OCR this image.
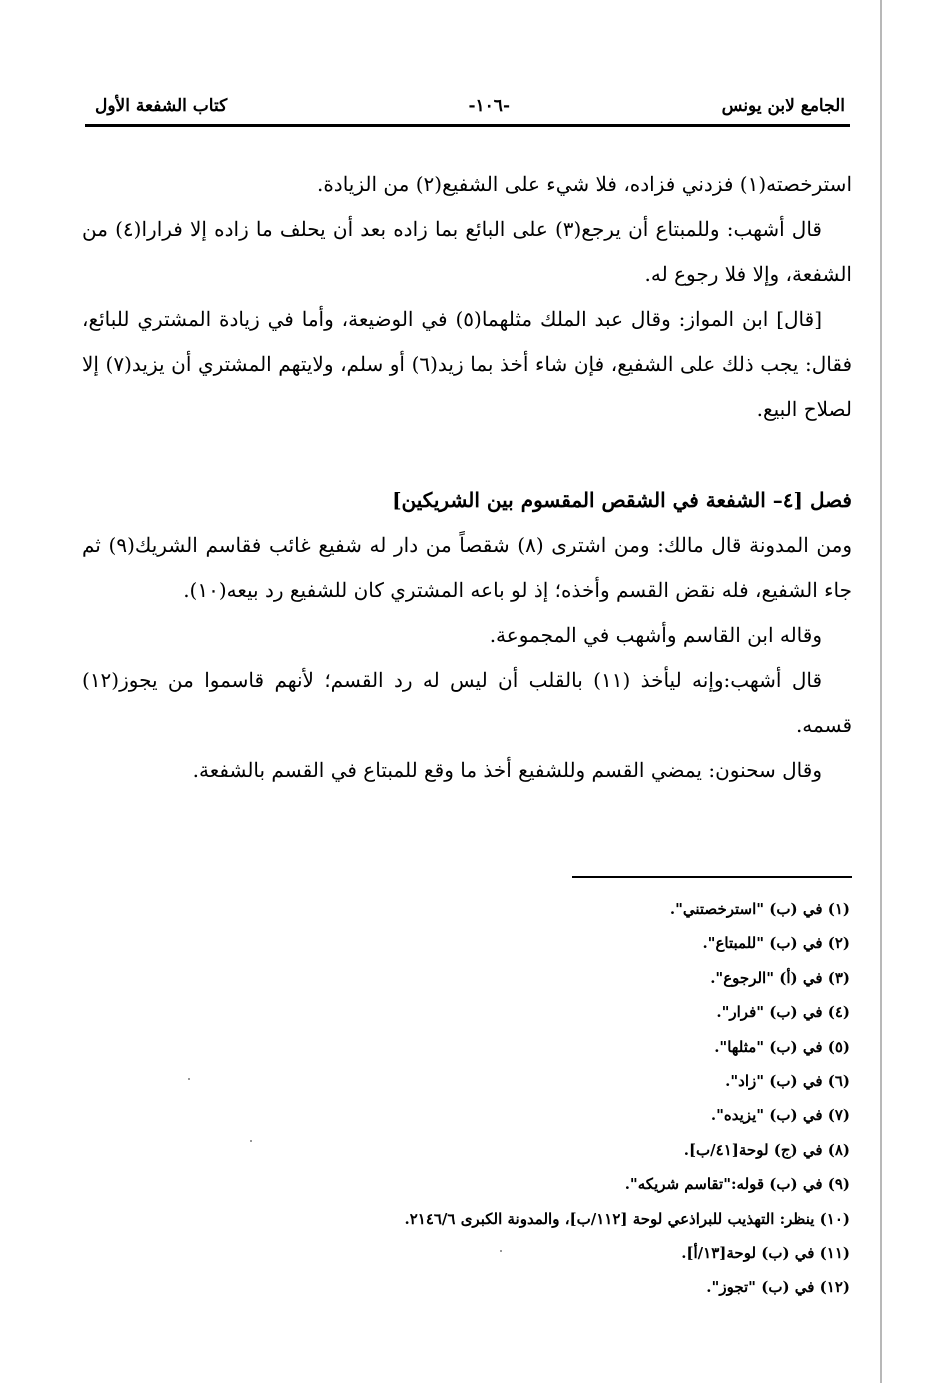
الجامع لابن يونس
-١٠٦-
كتاب الشفعة الأول

استرخصته(١) فزدني فزاده، فلا شيء على الشفيع(٢) من الزيادة.

قال أشهب: وللمبتاع أن يرجع(٣) على البائع بما زاده بعد أن يحلف ما زاده إلا فرارا(٤) من الشفعة، وإلا فلا رجوع له.

[قال] ابن المواز: وقال عبد الملك مثلهما(٥) في الوضيعة، وأما في زيادة المشتري للبائع، فقال: يجب ذلك على الشفيع، فإن شاء أخذ بما زيد(٦) أو سلم، ولايتهم المشتري أن يزيد(٧) إلا لصلاح البيع.

فصل [٤– الشفعة في الشقص المقسوم بين الشريكين]

ومن المدونة قال مالك: ومن اشترى (٨) شقصاً من دار له شفيع غائب فقاسم الشريك(٩) ثم جاء الشفيع، فله نقض القسم وأخذه؛ إذ لو باعه المشتري كان للشفيع رد بيعه(١٠).

وقاله ابن القاسم وأشهب في المجموعة.

قال أشهب:وإنه ليأخذ (١١) بالقلب أن ليس له رد القسم؛ لأنهم قاسموا من يجوز(١٢) قسمه.

وقال سحنون: يمضي القسم وللشفيع أخذ ما وقع للمبتاع في القسم بالشفعة.

(١) في (ب) "استرخصتني".
(٢) في (ب) "للمبتاع".
(٣) في (أ) "الرجوع".
(٤) في (ب) "فرار".
(٥) في (ب) "مثلها".
(٦) في (ب) "زاد".
(٧) في (ب) "يزيده".
(٨) في (ج) لوحة[٤١/ب].
(٩) في (ب) قوله:"تقاسم شريكه".
(١٠) ينظر: التهذيب للبراذعي لوحة [١١٢/ب]، والمدونة الكبرى ٢١٤٦/٦.
(١١) في (ب) لوحة[١٣/أ].
(١٢) في (ب) "تجوز".
